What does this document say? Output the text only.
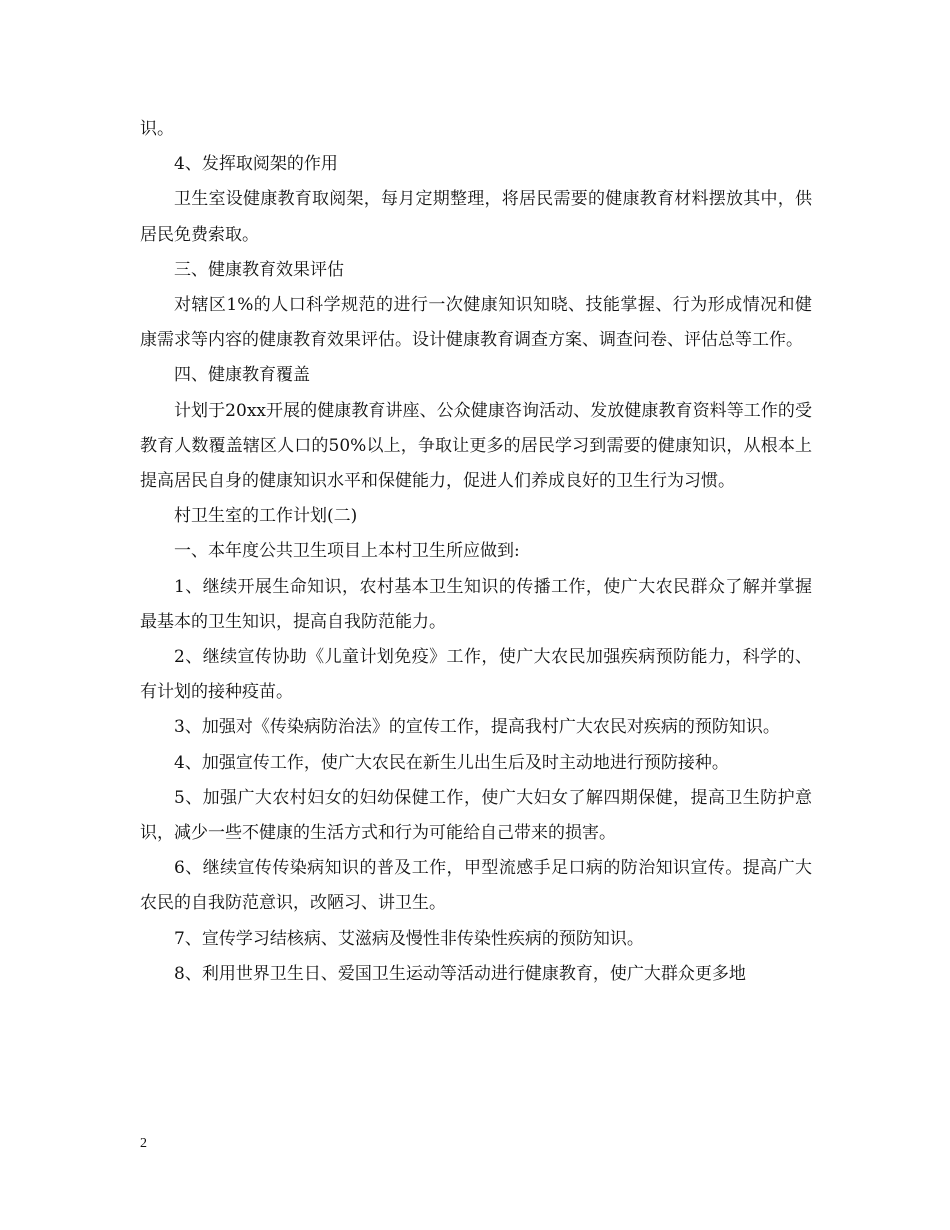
识。

4、发挥取阅架的作用

卫生室设健康教育取阅架，每月定期整理，将居民需要的健康教育材料摆放其中，供居民免费索取。

三、健康教育效果评估

对辖区1%的人口科学规范的进行一次健康知识知晓、技能掌握、行为形成情况和健康需求等内容的健康教育效果评估。设计健康教育调查方案、调查问卷、评估总等工作。

四、健康教育覆盖

计划于20xx开展的健康教育讲座、公众健康咨询活动、发放健康教育资料等工作的受教育人数覆盖辖区人口的50%以上，争取让更多的居民学习到需要的健康知识，从根本上提高居民自身的健康知识水平和保健能力，促进人们养成良好的卫生行为习惯。

村卫生室的工作计划(二)

一、本年度公共卫生项目上本村卫生所应做到:

1、继续开展生命知识，农村基本卫生知识的传播工作，使广大农民群众了解并掌握最基本的卫生知识，提高自我防范能力。

2、继续宣传协助《儿童计划免疫》工作，使广大农民加强疾病预防能力，科学的、有计划的接种疫苗。

3、加强对《传染病防治法》的宣传工作，提高我村广大农民对疾病的预防知识。

4、加强宣传工作，使广大农民在新生儿出生后及时主动地进行预防接种。

5、加强广大农村妇女的妇幼保健工作，使广大妇女了解四期保健，提高卫生防护意识，减少一些不健康的生活方式和行为可能给自己带来的损害。

6、继续宣传传染病知识的普及工作，甲型流感手足口病的防治知识宣传。提高广大农民的自我防范意识，改陋习、讲卫生。

7、宣传学习结核病、艾滋病及慢性非传染性疾病的预防知识。

8、利用世界卫生日、爱国卫生运动等活动进行健康教育，使广大群众更多地

2
